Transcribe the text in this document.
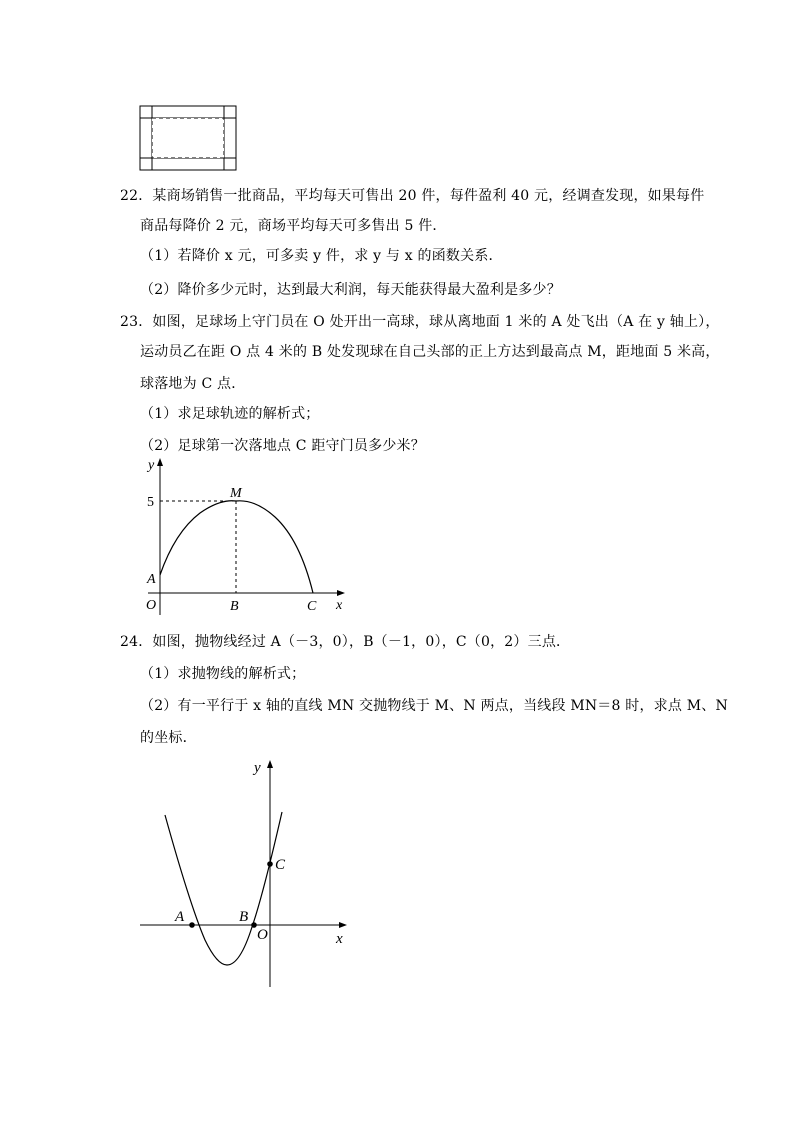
22．某商场销售一批商品，平均每天可售出 20 件，每件盈利 40 元，经调查发现，如果每件
商品每降价 2 元，商场平均每天可多售出 5 件．
（1）若降价 x 元，可多卖 y 件，求 y 与 x 的函数关系．
（2）降价多少元时，达到最大利润，每天能获得最大盈利是多少？
23．如图，足球场上守门员在 O 处开出一高球，球从离地面 1 米的 A 处飞出（A 在 y 轴上），
运动员乙在距 O 点 4 米的 B 处发现球在自己头部的正上方达到最高点 M，距地面 5 米高，
球落地为 C 点．
（1）求足球轨迹的解析式；
（2）足球第一次落地点 C 距守门员多少米？
y
x
O
A
B	C
M
5
24．如图，抛物线经过 A（－3，0），B（－1，0），C（0，2）三点．
（1）求抛物线的解析式；
（2）有一平行于 x 轴的直线 MN 交抛物线于 M、N 两点，当线段 MN＝8 时，求点 M、N
的坐标．
y
x
A	B
O
C
